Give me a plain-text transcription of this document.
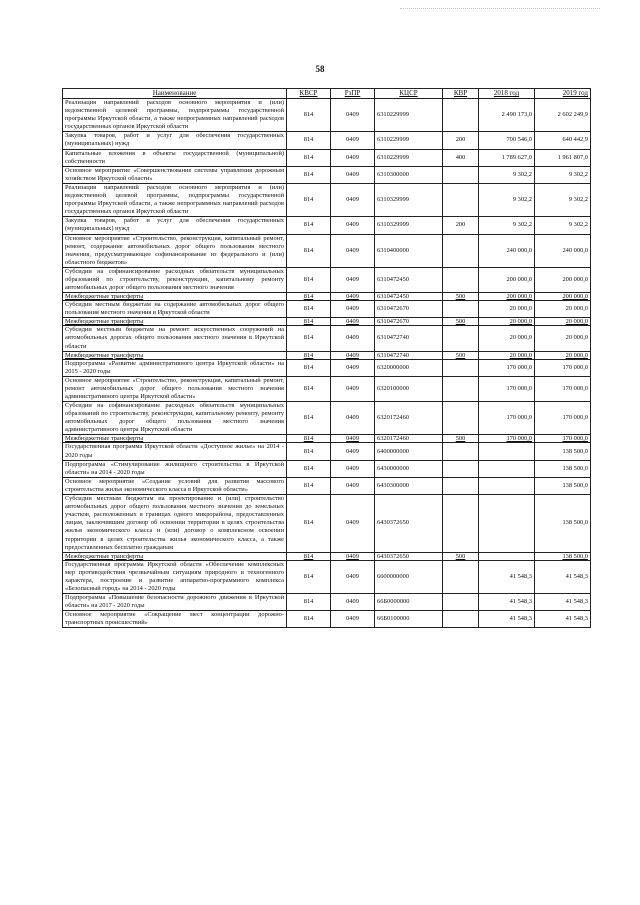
58
Наименование	КВСР	РзПР	КЦСР	КВР	2018 год	2019 год
Реализация направлений расходов основного мероприятия и (или) ведомственной целевой программы, подпрограммы государственной программы Иркутской области, а также непрограммных направлений расходов государственных органов Иркутской области	814	0409	6310229999		2 490 173,0	2 602 249,9
Закупка товаров, работ и услуг для обеспечения государственных (муниципальных) нужд	814	0409	6310229999	200	700 546,0	640 442,9
Капитальные вложения в объекты государственной (муниципальной) собственности	814	0409	6310229999	400	1 789 627,0	1 961 807,0
Основное мероприятие «Совершенствование системы управления дорожным хозяйством Иркутской области»	814	0409	6310300000		9 302,2	9 302,2
Реализация направлений расходов основного мероприятия и (или) ведомственной целевой программы, подпрограммы государственной программы Иркутской области, а также непрограммных направлений расходов государственных органов Иркутской области	814	0409	6310329999		9 302,2	9 302,2
Закупка товаров, работ и услуг для обеспечения государственных (муниципальных) нужд	814	0409	6310329999	200	9 302,2	9 302,2
Основное мероприятие «Строительство, реконструкция, капитальный ремонт, ремонт, содержание автомобильных дорог общего пользования местного значения, предусматривающее софинансирование из федерального и (или) областного бюджетов»	814	0409	6310400000		240 000,0	240 000,0
Субсидии на софинансирование расходных обязательств муниципальных образований по строительству, реконструкции, капитальному ремонту автомобильных дорог общего пользования местного значения	814	0409	6310472450		200 000,0	200 000,0
Межбюджетные трансферты	814	0409	6310472450	500	200 000,0	200 000,0
Субсидии местным бюджетам на содержание автомобильных дорог общего пользования местного значения в Иркутской области	814	0409	6310472670		20 000,0	20 000,0
Межбюджетные трансферты	814	0409	6310472670	500	20 000,0	20 000,0
Субсидии местным бюджетам на ремонт искусственных сооружений на автомобильных дорогах общего пользования местного значения в Иркутской области	814	0409	6310472740		20 000,0	20 000,0
Межбюджетные трансферты	814	0409	6310472740	500	20 000,0	20 000,0
Подпрограмма «Развитие административного центра Иркутской области» на 2015 - 2020 годы	814	0409	6320000000		170 000,0	170 000,0
Основное мероприятие «Строительство, реконструкция, капитальный ремонт, ремонт автомобильных дорог общего пользования местного значения административного центра Иркутской области»	814	0409	6320100000		170 000,0	170 000,0
Субсидии на софинансирование расходных обязательств муниципальных образований по строительству, реконструкции, капитальному ремонту, ремонту автомобильных дорог общего пользования местного значения административного центра Иркутской области	814	0409	6320172460		170 000,0	170 000,0
Межбюджетные трансферты	814	0409	6320172460	500	170 000,0	170 000,0
Государственная программа Иркутской области «Доступное жилье» на 2014 - 2020 годы	814	0409	6400000000			138 500,0
Подпрограмма «Стимулирование жилищного строительства в Иркутской области» на 2014 - 2020 годы	814	0409	6430000000			138 500,0
Основное мероприятие «Создание условий для развития массового строительства жилья экономического класса в Иркутской области»	814	0409	6430300000			138 500,0
Субсидии местным бюджетам на проектирование и (или) строительство автомобильных дорог общего пользования местного значения до земельных участков, расположенных в границах одного микрорайона, предоставленных лицам, заключившим договор об освоении территории в целях строительства жилья экономического класса и (или) договор о комплексном освоении территории в целях строительства жилья экономического класса, а также предоставленных бесплатно гражданам	814	0409	6430372650			138 500,0
Межбюджетные трансферты	814	0409	6430372650	500		138 500,0
Государственная программа Иркутской области «Обеспечение комплексных мер противодействия чрезвычайным ситуациям природного и техногенного характера, построение и развитие аппаратно-программного комплекса «Безопасный город» на 2014 - 2020 годы	814	0409	6600000000		41 548,3	41 548,3
Подпрограмма «Повышение безопасности дорожного движения в Иркутской области» на 2017 - 2020 годы	814	0409	66Б0000000		41 548,3	41 548,3
Основное мероприятие «Сокращение мест концентрации дорожно-транспортных происшествий»	814	0409	66Б0100000		41 548,3	41 548,3
